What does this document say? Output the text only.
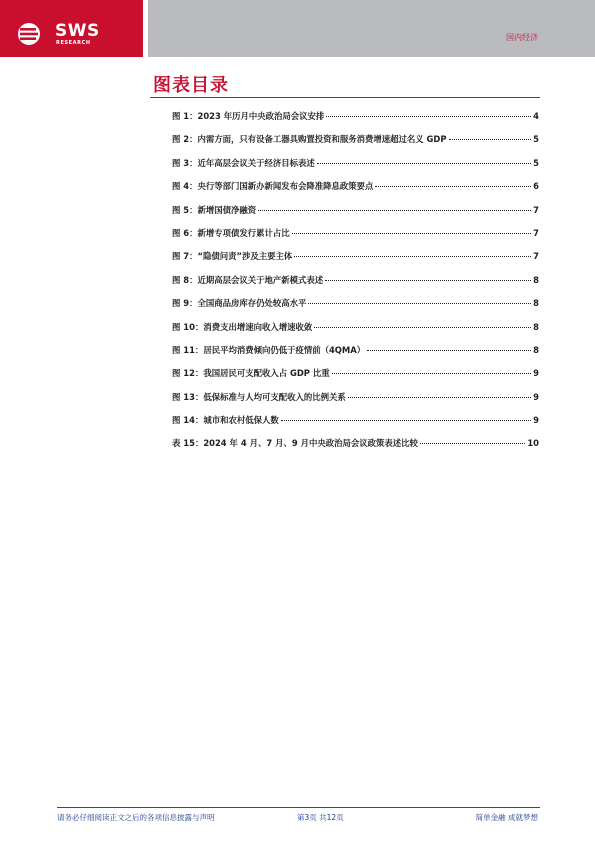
SWS
RESEARCH
国内经济
图表目录
图 1：2023 年历月中央政治局会议安排	4
图 2：内需方面，只有设备工器具购置投资和服务消费增速超过名义 GDP	5
图 3：近年高层会议关于经济目标表述	5
图 4：央行等部门国新办新闻发布会降准降息政策要点	6
图 5：新增国债净融资	7
图 6：新增专项债发行累计占比	7
图 7：“隐债问责”涉及主要主体	7
图 8：近期高层会议关于地产新模式表述	8
图 9：全国商品房库存仍处较高水平	8
图 10：消费支出增速向收入增速收敛	8
图 11：居民平均消费倾向仍低于疫情前（4QMA）	8
图 12：我国居民可支配收入占 GDP 比重	9
图 13：低保标准与人均可支配收入的比例关系	9
图 14：城市和农村低保人数	9
表 15：2024 年 4 月、7 月、9 月中央政治局会议政策表述比较	10
请务必仔细阅读正文之后的各项信息披露与声明	第3页 共12页	简单金融 成就梦想
